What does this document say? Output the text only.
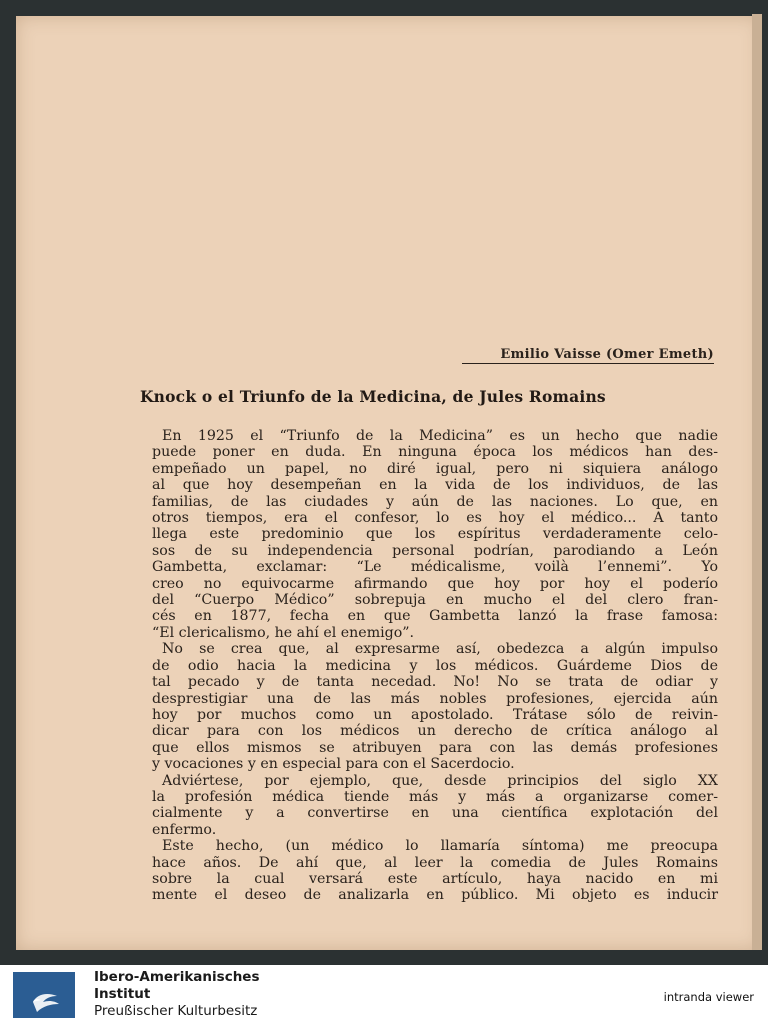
Emilio Vaisse (Omer Emeth)
Knock o el Triunfo de la Medicina, de Jules Romains
En 1925 el “Triunfo de la Medicina” es un hecho que nadie
puede poner en duda. En ninguna época los médicos han des-
empeñado un papel, no diré igual, pero ni siquiera análogo
al que hoy desempeñan en la vida de los individuos, de las
familias, de las ciudades y aún de las naciones. Lo que, en
otros tiempos, era el confesor, lo es hoy el médico... A tanto
llega este predominio que los espíritus verdaderamente celo-
sos de su independencia personal podrían, parodiando a León
Gambetta, exclamar: “Le médicalisme, voilà l’ennemi”. Yo
creo no equivocarme afirmando que hoy por hoy el poderío
del “Cuerpo Médico” sobrepuja en mucho el del clero fran-
cés en 1877, fecha en que Gambetta lanzó la frase famosa:
“El clericalismo, he ahí el enemigo”.
No se crea que, al expresarme así, obedezca a algún impulso
de odio hacia la medicina y los médicos. Guárdeme Dios de
tal pecado y de tanta necedad. No! No se trata de odiar y
desprestigiar una de las más nobles profesiones, ejercida aún
hoy por muchos como un apostolado. Trátase sólo de reivin-
dicar para con los médicos un derecho de crítica análogo al
que ellos mismos se atribuyen para con las demás profesiones
y vocaciones y en especial para con el Sacerdocio.
Adviértese, por ejemplo, que, desde principios del siglo XX
la profesión médica tiende más y más a organizarse comer-
cialmente y a convertirse en una científica explotación del
enfermo.
Este hecho, (un médico lo llamaría síntoma) me preocupa
hace años. De ahí que, al leer la comedia de Jules Romains
sobre la cual versará este artículo, haya nacido en mi
mente el deseo de analizarla en público. Mi objeto es inducir
Ibero-Amerikanisches
Institut
Preußischer Kulturbesitz
intranda viewer
